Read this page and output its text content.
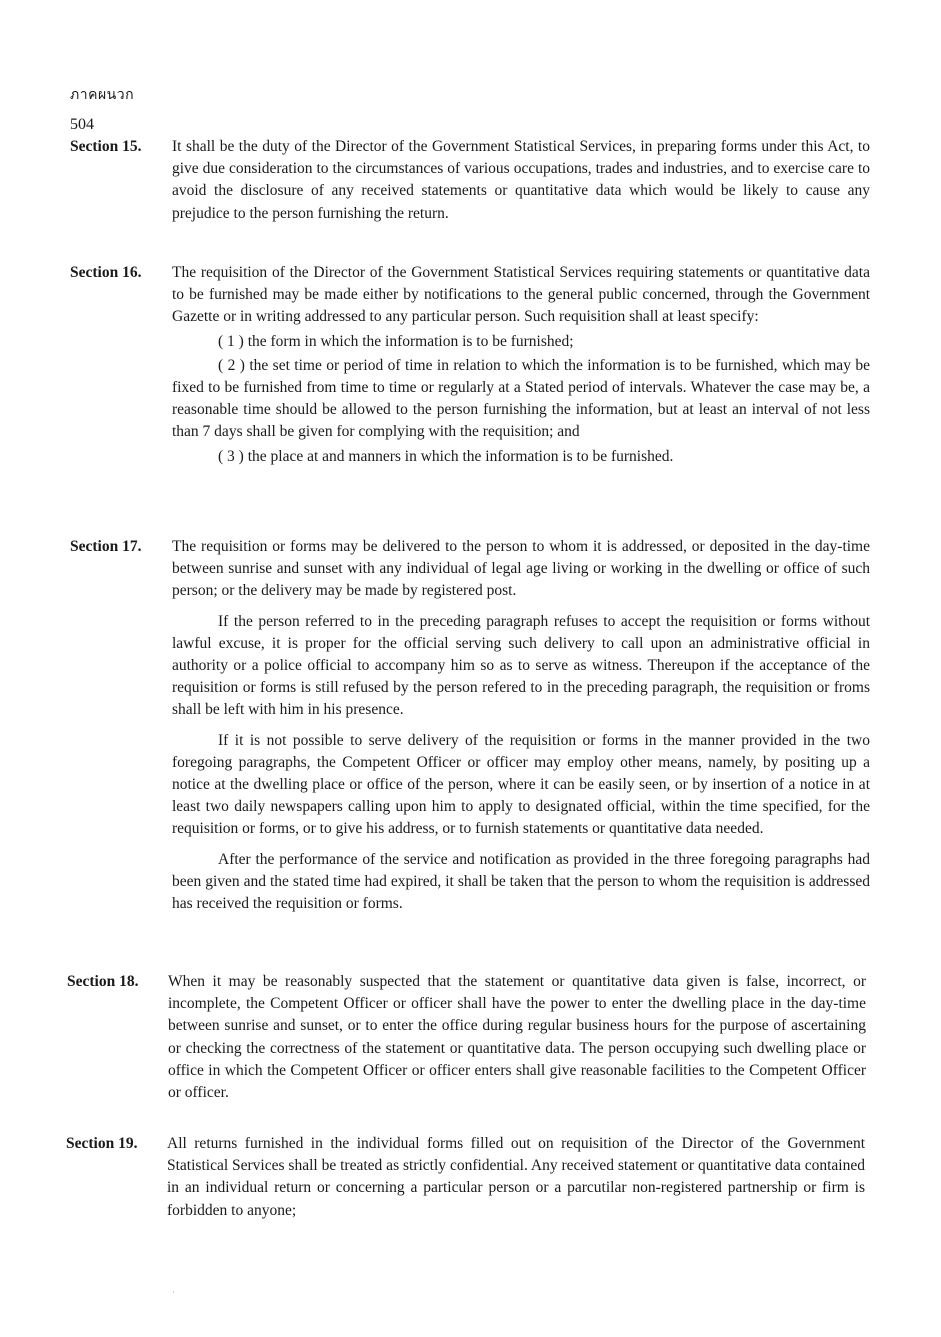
ภาคผนวก
504
Section 15. It shall be the duty of the Director of the Government Statistical Services, in preparing forms under this Act, to give due consideration to the circumstances of various occupations, trades and industries, and to exercise care to avoid the disclosure of any received statements or quantitative data which would be likely to cause any prejudice to the person furnishing the return.

Section 16. The requisition of the Director of the Government Statistical Services requiring statements or quantitative data to be furnished may be made either by notifications to the general public concerned, through the Government Gazette or in writing addressed to any particular person. Such requisition shall at least specify:

( 1 ) the form in which the information is to be furnished;

( 2 ) the set time or period of time in relation to which the information is to be furnished, which may be fixed to be furnished from time to time or regularly at a Stated period of intervals. Whatever the case may be, a reasonable time should be allowed to the person furnishing the information, but at least an interval of not less than 7 days shall be given for complying with the requisition; and

( 3 ) the place at and manners in which the information is to be furnished.

Section 17. The requisition or forms may be delivered to the person to whom it is addressed, or deposited in the day-time between sunrise and sunset with any individual of legal age living or working in the dwelling or office of such person; or the delivery may be made by registered post.

If the person referred to in the preceding paragraph refuses to accept the requisition or forms without lawful excuse, it is proper for the official serving such delivery to call upon an administrative official in authority or a police official to accompany him so as to serve as witness. Thereupon if the acceptance of the requisition or forms is still refused by the person refered to in the preceding paragraph, the requisition or froms shall be left with him in his presence.

If it is not possible to serve delivery of the requisition or forms in the manner provided in the two foregoing paragraphs, the Competent Officer or officer may employ other means, namely, by positing up a notice at the dwelling place or office of the person, where it can be easily seen, or by insertion of a notice in at least two daily newspapers calling upon him to apply to designated official, within the time specified, for the requisition or forms, or to give his address, or to furnish statements or quantitative data needed.

After the performance of the service and notification as provided in the three foregoing paragraphs had been given and the stated time had expired, it shall be taken that the person to whom the requisition is addressed has received the requisition or forms.

Section 18. When it may be reasonably suspected that the statement or quantitative data given is false, incorrect, or incomplete, the Competent Officer or officer shall have the power to enter the dwelling place in the day-time between sunrise and sunset, or to enter the office during regular business hours for the purpose of ascertaining or checking the correctness of the statement or quantitative data. The person occupying such dwelling place or office in which the Competent Officer or officer enters shall give reasonable facilities to the Competent Officer or officer.

Section 19. All returns furnished in the individual forms filled out on requisition of the Director of the Government Statistical Services shall be treated as strictly confidential. Any received statement or quantitative data contained in an individual return or concerning a particular person or a parcutilar non-registered partnership or firm is forbidden to anyone;

·
